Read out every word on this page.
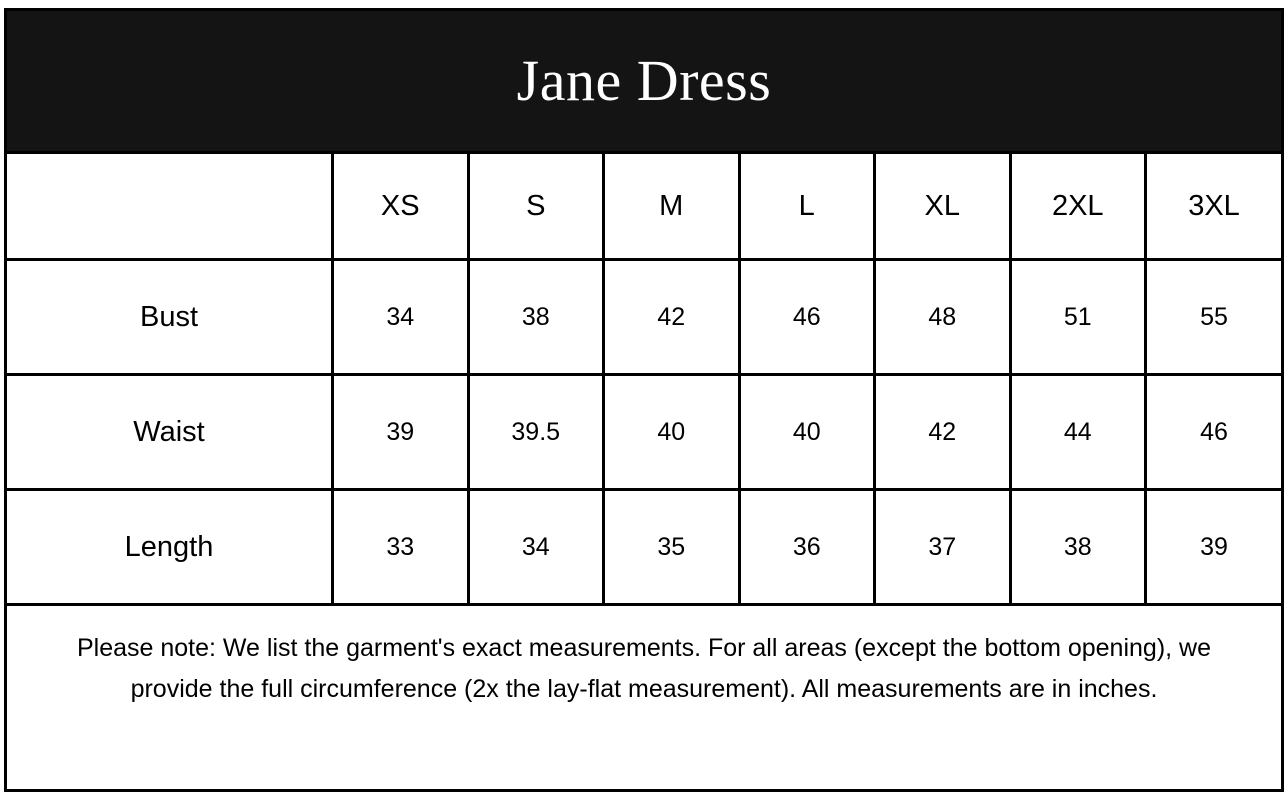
Jane Dress
	XS	S	M	L	XL	2XL	3XL
Bust	34	38	42	46	48	51	55
Waist	39	39.5	40	40	42	44	46
Length	33	34	35	36	37	38	39

Please note: We list the garment's exact measurements. For all areas (except the bottom opening), we provide the full circumference (2x the lay-flat measurement). All measurements are in inches.							
